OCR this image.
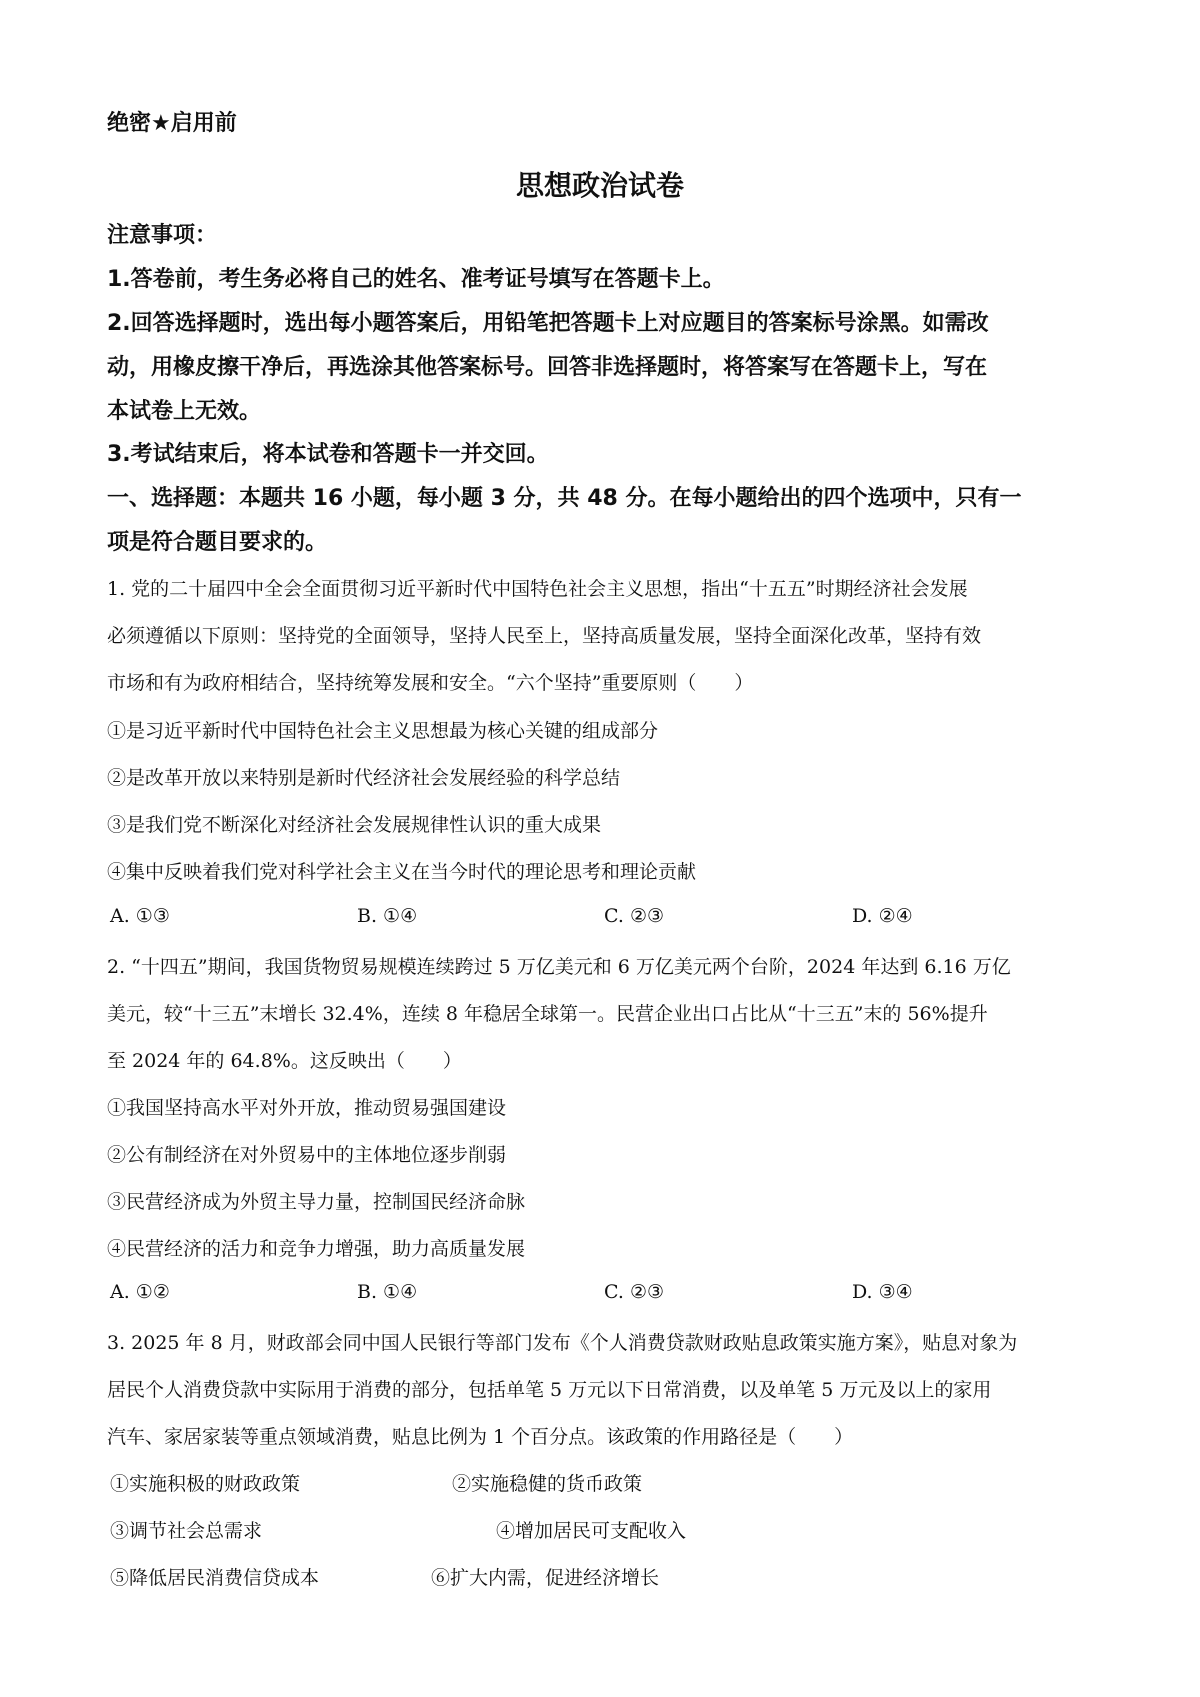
绝密★启用前
思想政治试卷
注意事项：
1.答卷前，考生务必将自己的姓名、准考证号填写在答题卡上。
2.回答选择题时，选出每小题答案后，用铅笔把答题卡上对应题目的答案标号涂黑。如需改
动，用橡皮擦干净后，再选涂其他答案标号。回答非选择题时，将答案写在答题卡上，写在
本试卷上无效。
3.考试结束后，将本试卷和答题卡一并交回。
一、选择题：本题共 16 小题，每小题 3 分，共 48 分。在每小题给出的四个选项中，只有一
项是符合题目要求的。
1. 党的二十届四中全会全面贯彻习近平新时代中国特色社会主义思想，指出“十五五”时期经济社会发展
必须遵循以下原则：坚持党的全面领导，坚持人民至上，坚持高质量发展，坚持全面深化改革，坚持有效
市场和有为政府相结合，坚持统筹发展和安全。“六个坚持”重要原则（　　）
①是习近平新时代中国特色社会主义思想最为核心关键的组成部分
②是改革开放以来特别是新时代经济社会发展经验的科学总结
③是我们党不断深化对经济社会发展规律性认识的重大成果
④集中反映着我们党对科学社会主义在当今时代的理论思考和理论贡献
A. ①③	B. ①④	C. ②③	D. ②④
2. “十四五”期间，我国货物贸易规模连续跨过 5 万亿美元和 6 万亿美元两个台阶，2024 年达到 6.16 万亿
美元，较“十三五”末增长 32.4%，连续 8 年稳居全球第一。民营企业出口占比从“十三五”末的 56%提升
至 2024 年的 64.8%。这反映出（　　）
①我国坚持高水平对外开放，推动贸易强国建设
②公有制经济在对外贸易中的主体地位逐步削弱
③民营经济成为外贸主导力量，控制国民经济命脉
④民营经济的活力和竞争力增强，助力高质量发展
A. ①②	B. ①④	C. ②③	D. ③④
3. 2025 年 8 月，财政部会同中国人民银行等部门发布《个人消费贷款财政贴息政策实施方案》，贴息对象为
居民个人消费贷款中实际用于消费的部分，包括单笔 5 万元以下日常消费，以及单笔 5 万元及以上的家用
汽车、家居家装等重点领域消费，贴息比例为 1 个百分点。该政策的作用路径是（　　）
①实施积极的财政政策	②实施稳健的货币政策
③调节社会总需求	④增加居民可支配收入
⑤降低居民消费信贷成本	⑥扩大内需，促进经济增长
